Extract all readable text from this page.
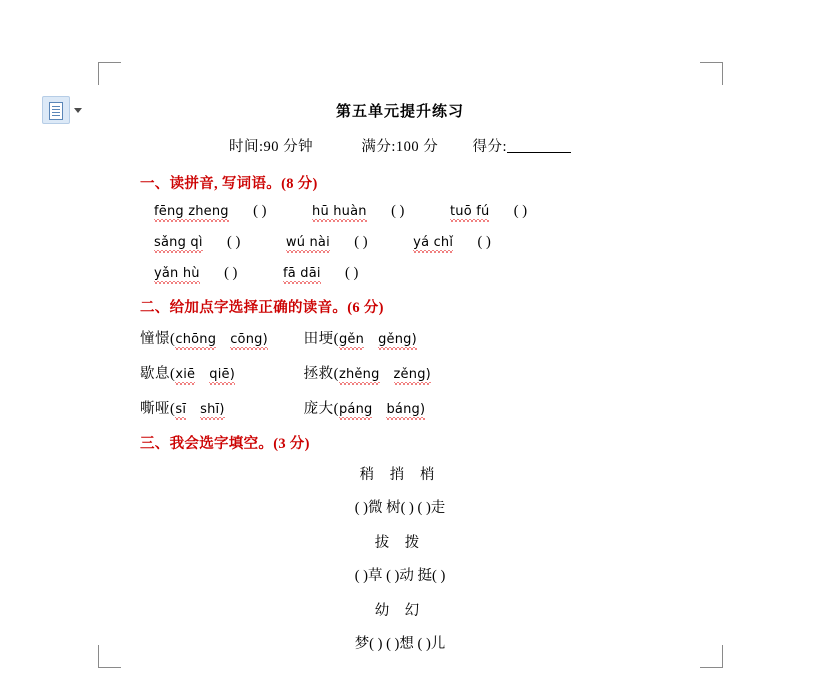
第五单元提升练习
时间:90 分钟	满分:100 分 得分:
一、读拼音, 写词语。(8 分)
fēng zheng ( )	hū huàn ( )	tuō fú ( )
sǎng qì ( )	wú nài ( )	yá chǐ ( )
yǎn hù ( )	fā dāi ( )
二、给加点字选择正确的读音。(6 分)
憧憬(chōng cōng) 田埂(gěn gěng)
歇息(xiē qiē)	拯救(zhěng zěng)
嘶哑(sī shī)	庞大(páng báng)
三、我会选字填空。(3 分)
稍 捎 梢
( )微 树( ) ( )走
拔 拨
( )草 ( )动 挺( )
幼 幻
梦( ) ( )想 ( )儿
